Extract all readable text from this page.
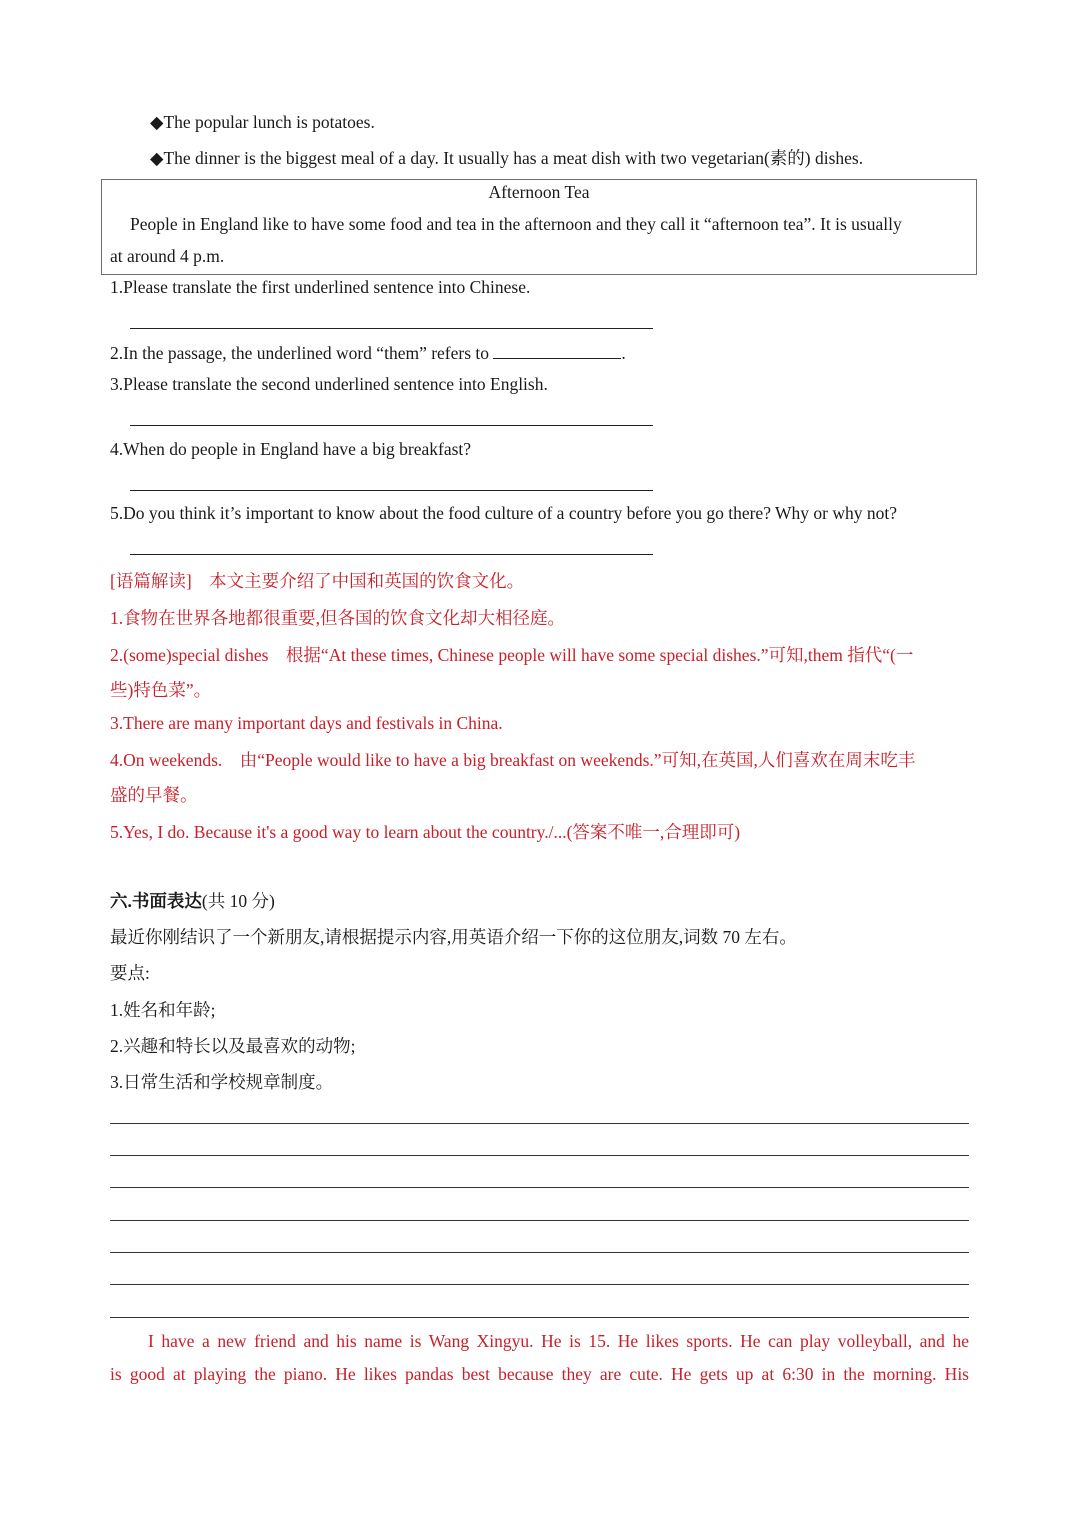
◆The popular lunch is potatoes.
◆The dinner is the biggest meal of a day. It usually has a meat dish with two vegetarian(素的) dishes.
Afternoon Tea
People in England like to have some food and tea in the afternoon and they call it “afternoon tea”. It is usually
at around 4 p.m.
1.Please translate the first underlined sentence into Chinese.
2.In the passage, the underlined word “them” refers to	.
3.Please translate the second underlined sentence into English.
4.When do people in England have a big breakfast?
5.Do you think it’s important to know about the food culture of a country before you go there? Why or why not?
[语篇解读]　本文主要介绍了中国和英国的饮食文化。
1.食物在世界各地都很重要,但各国的饮食文化却大相径庭。
2.(some)special dishes　根据“At these times, Chinese people will have some special dishes.”可知,them 指代“(一
些)特色菜”。
3.There are many important days and festivals in China.
4.On weekends.　由“People would like to have a big breakfast on weekends.”可知,在英国,人们喜欢在周末吃丰
盛的早餐。
5.Yes, I do. Because it's a good way to learn about the country./...(答案不唯一,合理即可)
六.书面表达(共 10 分)
最近你刚结识了一个新朋友,请根据提示内容,用英语介绍一下你的这位朋友,词数 70 左右。
要点:
1.姓名和年龄;
2.兴趣和特长以及最喜欢的动物;
3.日常生活和学校规章制度。
I have a new friend and his name is Wang Xingyu. He is 15. He likes sports. He can play volleyball, and he
is good at playing the piano. He likes pandas best because they are cute. He gets up at 6:30 in the morning. His
